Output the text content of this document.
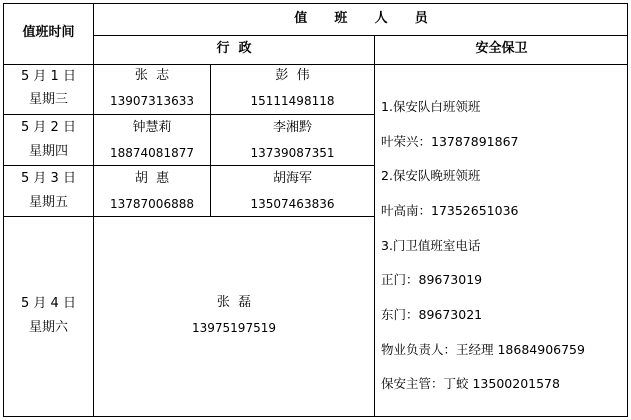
值班时间
值      班      人      员
行  政	安全保卫
5 月 1 日
星期三
张  志
13907313633
彭  伟
15111498118
5 月 2 日
星期四
钟慧莉
18874081877
李湘黔
13739087351
5 月 3 日
星期五
胡  惠
13787006888
胡海军
13507463836
5 月 4 日
星期六
张  磊
13975197519
1.保安队白班领班
叶荣兴：13787891867
2.保安队晚班领班
叶高南：17352651036
3.门卫值班室电话
正门：89673019
东门：89673021
物业负责人：王经理 18684906759
保安主管：丁蛟 13500201578
